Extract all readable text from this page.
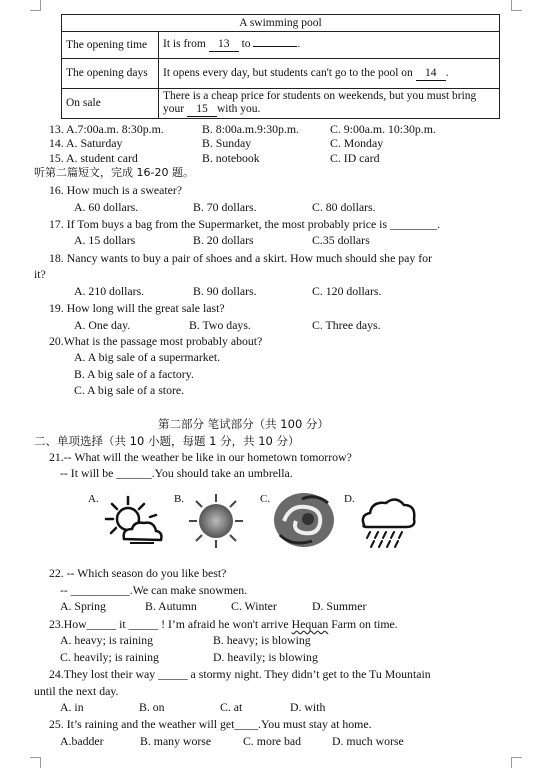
A swimming pool	
The opening time	It is from 13 to .
The opening days	It opens every day, but students can't go to the pool on 14 .
On sale	There is a cheap price for students on weekends, but you must bring your 15 with you.
13. A.7:00a.m. 8:30p.m.	B. 8:00a.m.9:30p.m.	C. 9:00a.m. 10:30p.m.
14. A. Saturday	B. Sunday	C. Monday
15. A. student card	B. notebook	C. ID card
听第二篇短文，完成 16-20 题。
16. How much is a sweater?
A. 60 dollars.	B. 70 dollars.	C. 80 dollars.
17. If Tom buys a bag from the Supermarket, the most probably price is ________.
A. 15 dollars	B. 20 dollars	C.35 dollars
18. Nancy wants to buy a pair of shoes and a skirt. How much should she pay for
it?
A. 210 dollars.	B. 90 dollars.	C. 120 dollars.
19. How long will the great sale last?
A. One day.	B. Two days.	C. Three days.
20.What is the passage most probably about?
A. A big sale of a supermarket.
B. A big sale of a factory.
C. A big sale of a store.
第二部分 笔试部分（共 100 分）
二、单项选择（共 10 小题，每题 1 分，共 10 分）
21.-- What will the weather be like in our hometown tomorrow?
-- It will be ______.You should take an umbrella.
A.	B.	C.	D.
22. -- Which season do you like best?
-- __________.We can make snowmen.
A. Spring	B. Autumn	C. Winter	D. Summer
23.How_____ it _____ ! I’m afraid he won't arrive Hequan Farm on time.
A. heavy; is raining	B. heavy; is blowing
C. heavily; is raining	D. heavily; is blowing
24.They lost their way _____ a stormy night. They didn’t get to the Tu Mountain
until the next day.
A. in	B. on	C. at	D. with
25. It’s raining and the weather will get____.You must stay at home.
A.badder	B. many worse	C. more bad	D. much worse
